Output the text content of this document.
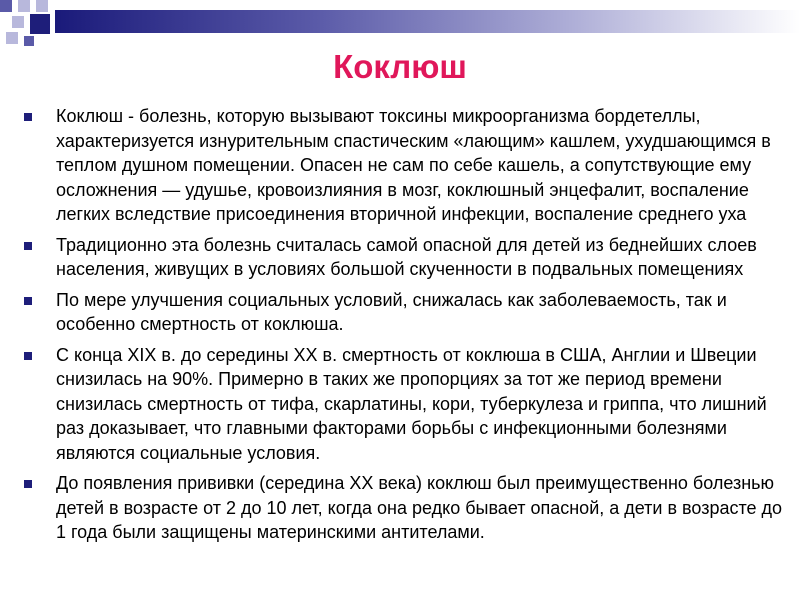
Коклюш
Коклюш - болезнь, которую вызывают токсины микроорганизма бордетеллы, характеризуется изнурительным спастическим «лающим» кашлем, ухудшающимся в теплом душном помещении. Опасен не сам по себе кашель, а сопутствующие ему осложнения — удушье, кровоизлияния в мозг, коклюшный энцефалит, воспаление легких вследствие присоединения вторичной инфекции, воспаление среднего уха
Традиционно эта болезнь считалась самой опасной для детей из беднейших слоев населения, живущих в условиях большой скученности в подвальных помещениях
По мере улучшения социальных условий, снижалась как заболеваемость, так и особенно смертность от коклюша.
С конца XIX в. до середины XX в. смертность от коклюша в США, Англии и Швеции снизилась на 90%. Примерно в таких же пропорциях за тот же период времени снизилась смертность от тифа, скарлатины, кори, туберкулеза и гриппа, что лишний раз доказывает, что главными факторами борьбы с инфекционными болезнями являются социальные условия.
До появления прививки (середина XX века) коклюш был преимущественно болезнью детей в возрасте от 2 до 10 лет, когда она редко бывает опасной, а дети в возрасте до 1 года были защищены материнскими антителами.
